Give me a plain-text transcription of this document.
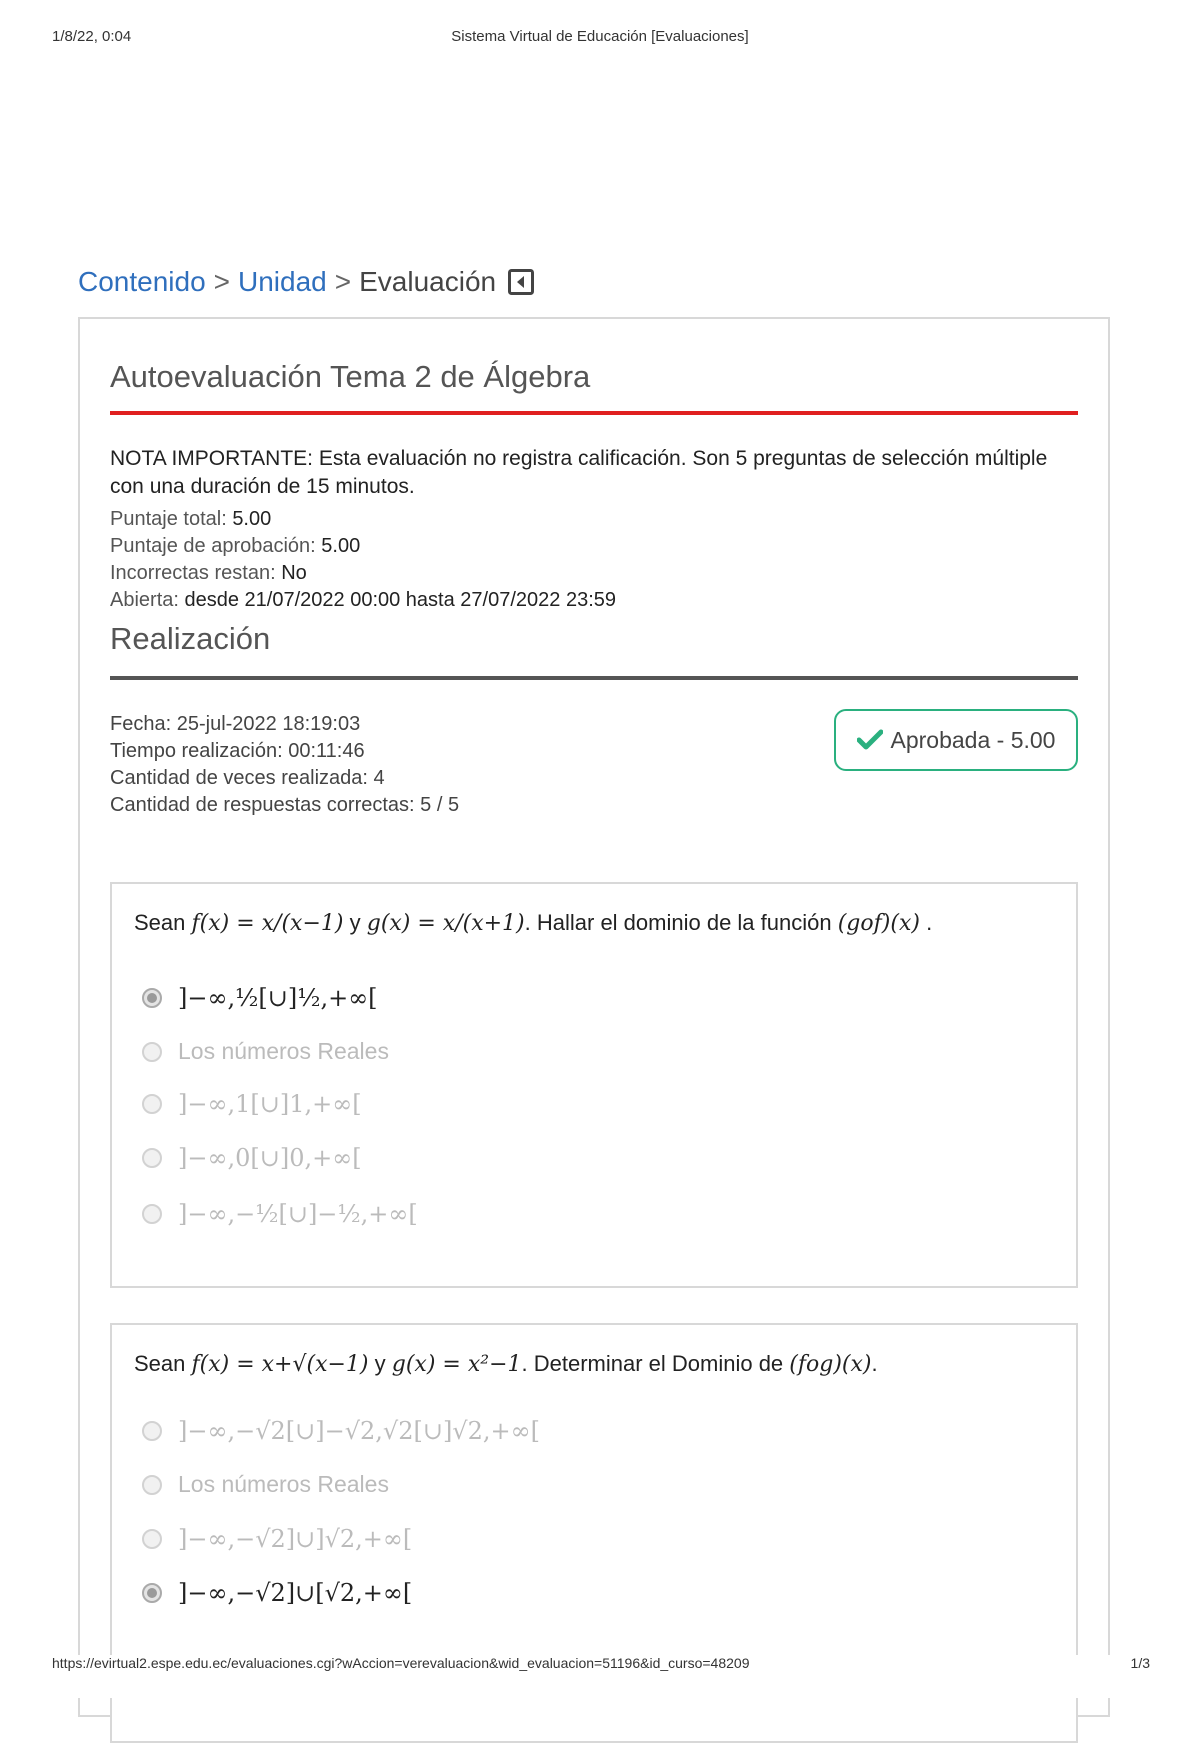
1/8/22, 0:04	Sistema Virtual de Educación [Evaluaciones]
Contenido > Unidad > Evaluación
Autoevaluación Tema 2 de Álgebra
NOTA IMPORTANTE: Esta evaluación no registra calificación. Son 5 preguntas de selección múltiple con una duración de 15 minutos.
Puntaje total: 5.00
Puntaje de aprobación: 5.00
Incorrectas restan: No
Abierta: desde 21/07/2022 00:00 hasta 27/07/2022 23:59
Realización
Fecha: 25-jul-2022 18:19:03
Tiempo realización: 00:11:46
Cantidad de veces realizada: 4
Cantidad de respuestas correctas: 5 / 5
Aprobada - 5.00
Sean f(x) = x/(x−1) y g(x) = x/(x+1). Hallar el dominio de la función (gof)(x) .
]−∞,½[∪]½,+∞[
Los números Reales
]−∞,1[∪]1,+∞[
]−∞,0[∪]0,+∞[
]−∞,−½[∪]−½,+∞[
Sean f(x) = x+√(x−1) y g(x) = x²−1. Determinar el Dominio de (fog)(x).
]−∞,−√2[∪]−√2,√2[∪]√2,+∞[
Los números Reales
]−∞,−√2]∪]√2,+∞[
]−∞,−√2]∪[√2,+∞[
https://evirtual2.espe.edu.ec/evaluaciones.cgi?wAccion=verevaluacion&wid_evaluacion=51196&id_curso=48209	1/3
